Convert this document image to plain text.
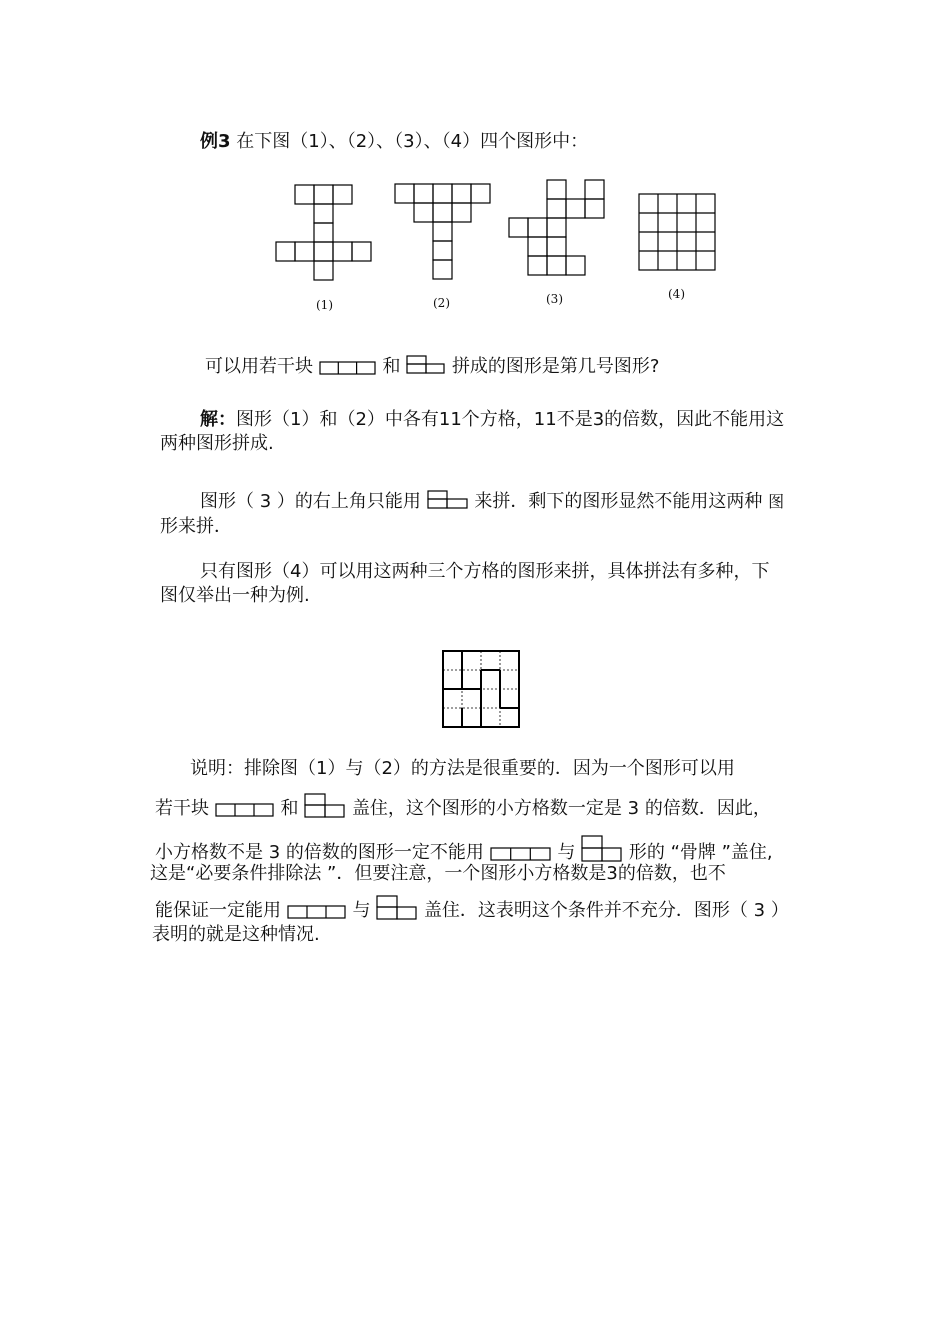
例3 在下图（1）、（2）、（3）、（4）四个图形中：
(1)	(2)	(3)	(4)
可以用若干块	和	拼成的图形是第几号图形?
解：图形（1）和（2）中各有11个方格，11不是3的倍数，因此不能用这
两种图形拼成.
图形（ 3 ）的右上角只能用	来拼．剩下的图形显然不能用这两种 图
形来拼．
只有图形（4）可以用这两种三个方格的图形来拼，具体拼法有多种，下
图仅举出一种为例.
说明：排除图（1）与（2）的方法是很重要的．因为一个图形可以用
若干块	和	盖住，这个图形的小方格数一定是 3 的倍数．因此，
小方格数不是 3 的倍数的图形一定不能用	与	形的 “骨牌 ”盖住,
这是“必要条件排除法 ”．但要注意，一个图形小方格数是3的倍数，也不
能保证一定能用	与	盖住．这表明这个条件并不充分．图形（ 3 ）
表明的就是这种情况.
